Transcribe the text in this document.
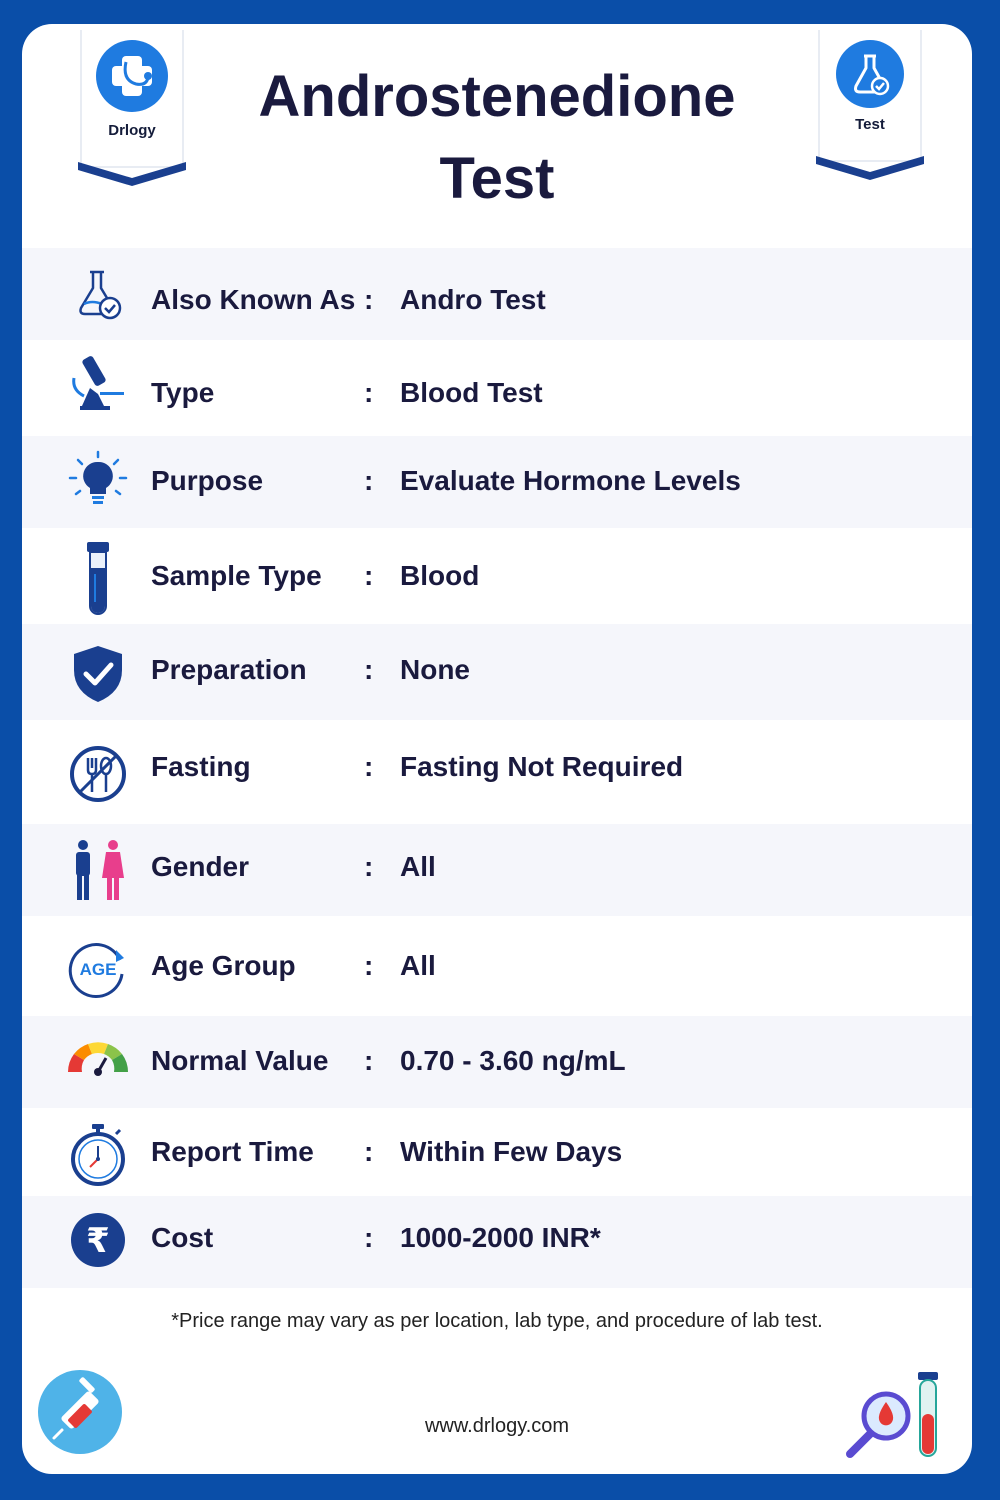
Drlogy	Test
Androstenedione
Test
Also Known As : Andro Test
Type	: Blood Test
Purpose	: Evaluate Hormone Levels
Sample Type : Blood
Preparation : None
Fasting	: Fasting Not Required
Gender	: All
AGE Age Group : All
Normal Value : 0.70 - 3.60 ng/mL
Report Time : Within Few Days
₹ Cost	: 1000-2000 INR*
*Price range may vary as per location, lab type, and procedure of lab test.
www.drlogy.com
